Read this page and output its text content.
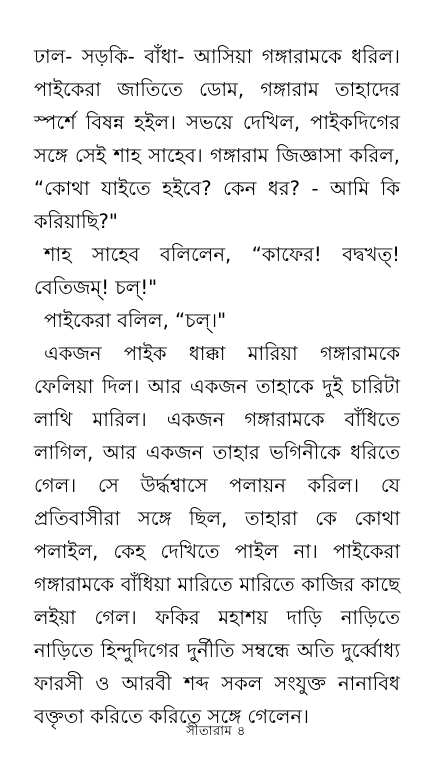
ঢাল- সড়কি- বাঁধা- আসিয়া গঙ্গারামকে ধরিল। পাইকেরা জাতিতে ডোম, গঙ্গারাম তাহাদের স্পর্শে বিষন্ন হইল। সভয়ে দেখিল, পাইকদিগের সঙ্গে সেই শাহ সাহেব। গঙ্গারাম জিজ্ঞাসা করিল, “কোথা যাইতে হইবে? কেন ধর? - আমি কি করিয়াছি?"

শাহ সাহেব বলিলেন, “কাফের! বদ্বখত্! বেতিজম্! চল্!"

পাইকেরা বলিল, “চল্।"

একজন পাইক ধাক্কা মারিয়া গঙ্গারামকে ফেলিয়া দিল। আর একজন তাহাকে দুই চারিটা লাথি মারিল। একজন গঙ্গারামকে বাঁধিতে লাগিল, আর একজন তাহার ভগিনীকে ধরিতে গেল। সে উর্দ্ধশ্বাসে পলায়ন করিল। যে প্রতিবাসীরা সঙ্গে ছিল, তাহারা কে কোথা পলাইল, কেহ দেখিতে পাইল না। পাইকেরা গঙ্গারামকে বাঁধিয়া মারিতে মারিতে কাজির কাছে লইয়া গেল। ফকির মহাশয় দাড়ি নাড়িতে নাড়িতে হিন্দুদিগের দুর্নীতি সম্বন্ধে অতি দুর্ব্বোধ্য ফারসী ও আরবী শব্দ সকল সংযুক্ত নানাবিধ বক্তৃতা করিতে করিতে সঙ্গে গেলেন।

সীতারাম ৪
